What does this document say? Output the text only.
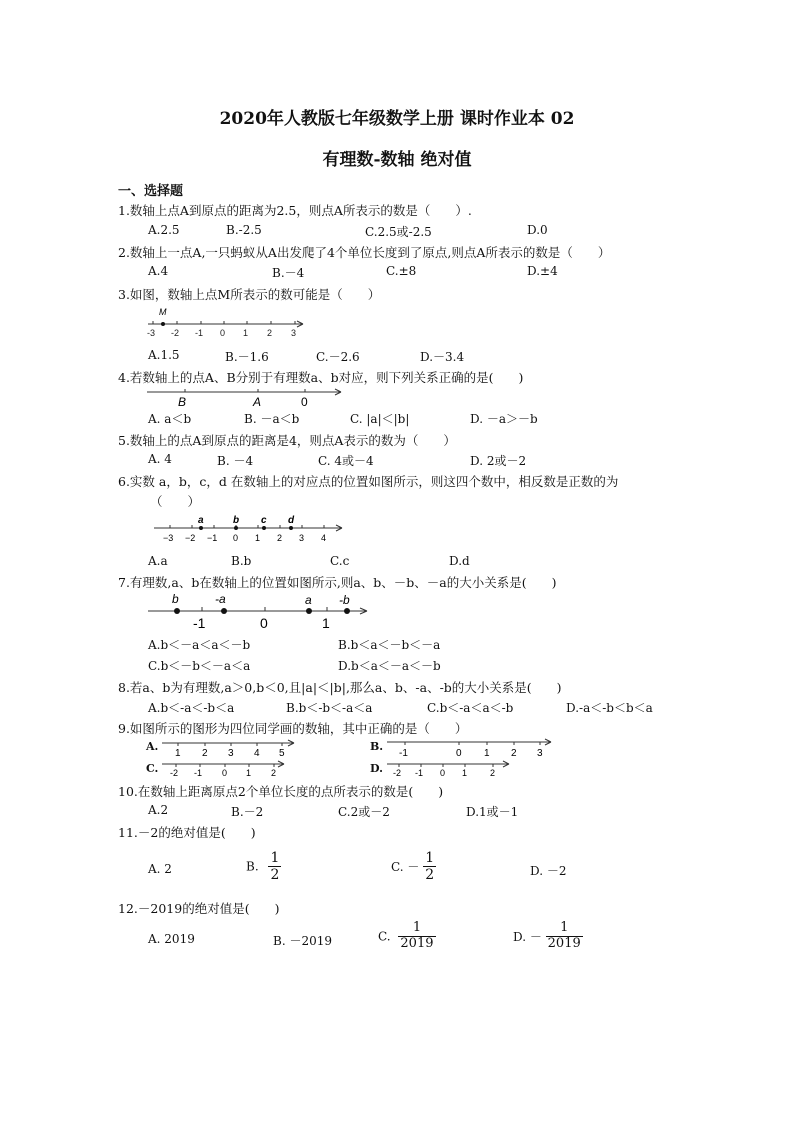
2020年人教版七年级数学上册 课时作业本 02
有理数-数轴 绝对值
一、选择题
1.数轴上点A到原点的距离为2.5，则点A所表示的数是（　　）.
A.2.5	B.-2.5	C.2.5或-2.5	D.0
2.数轴上一点A,一只蚂蚁从A出发爬了4个单位长度到了原点,则点A所表示的数是（　　）
A.4	B.－4	C.±8	D.±4
3.如图，数轴上点M所表示的数可能是（　　）
M
-3 -2 -1 0 1 2 3
A.1.5	B.－1.6	C.－2.6	D.－3.4
4.若数轴上的点A、B分别于有理数a、b对应，则下列关系正确的是(　　)
B	A	0
A. a＜b	B. －a＜b	C. |a|＜|b|	D. －a＞－b
5.数轴上的点A到原点的距离是4，则点A表示的数为（　　）
A. 4	B. －4	C. 4或－4	D. 2或－2
6.实数 a，b，c，d 在数轴上的对应点的位置如图所示，则这四个数中，相反数是正数的为
（　　）
a	b c d
−3 −2 −1 0 1 2 3 4
A.a	B.b	C.c	D.d
7.有理数,a、b在数轴上的位置如图所示,则a、b、－b、－a的大小关系是(　　)
b	-a	a -b
-1	0	1
A.b＜－a＜a＜－b	B.b＜a＜－b＜－a
C.b＜－b＜－a＜a	D.b＜a＜－a＜－b
8.若a、b为有理数,a＞0,b＜0,且|a|＜|b|,那么a、b、-a、-b的大小关系是(　　)
A.b＜-a＜-b＜a	B.b＜-b＜-a＜a	C.b＜-a＜a＜-b	D.-a＜-b＜b＜a
9.如图所示的图形为四位同学画的数轴，其中正确的是（　　）
A.
1 2 3 4 5
B.
-1	0 1 2 3
C. -2 -1 0 1 2	D. -2 -1 0 1	2
10.在数轴上距离原点2个单位长度的点所表示的数是(　　)
A.2	B.－2	C.2或－2	D.1或－1
11.－2的绝对值是(　　)
A. 2	B. $\frac{1}{2}$	C. － $\frac{1}{2}$	D. －2
12.－2019的绝对值是(　　)
A. 2019	B. －2019	C. $\frac{1}{2019}$	D. － $\frac{1}{2019}$
